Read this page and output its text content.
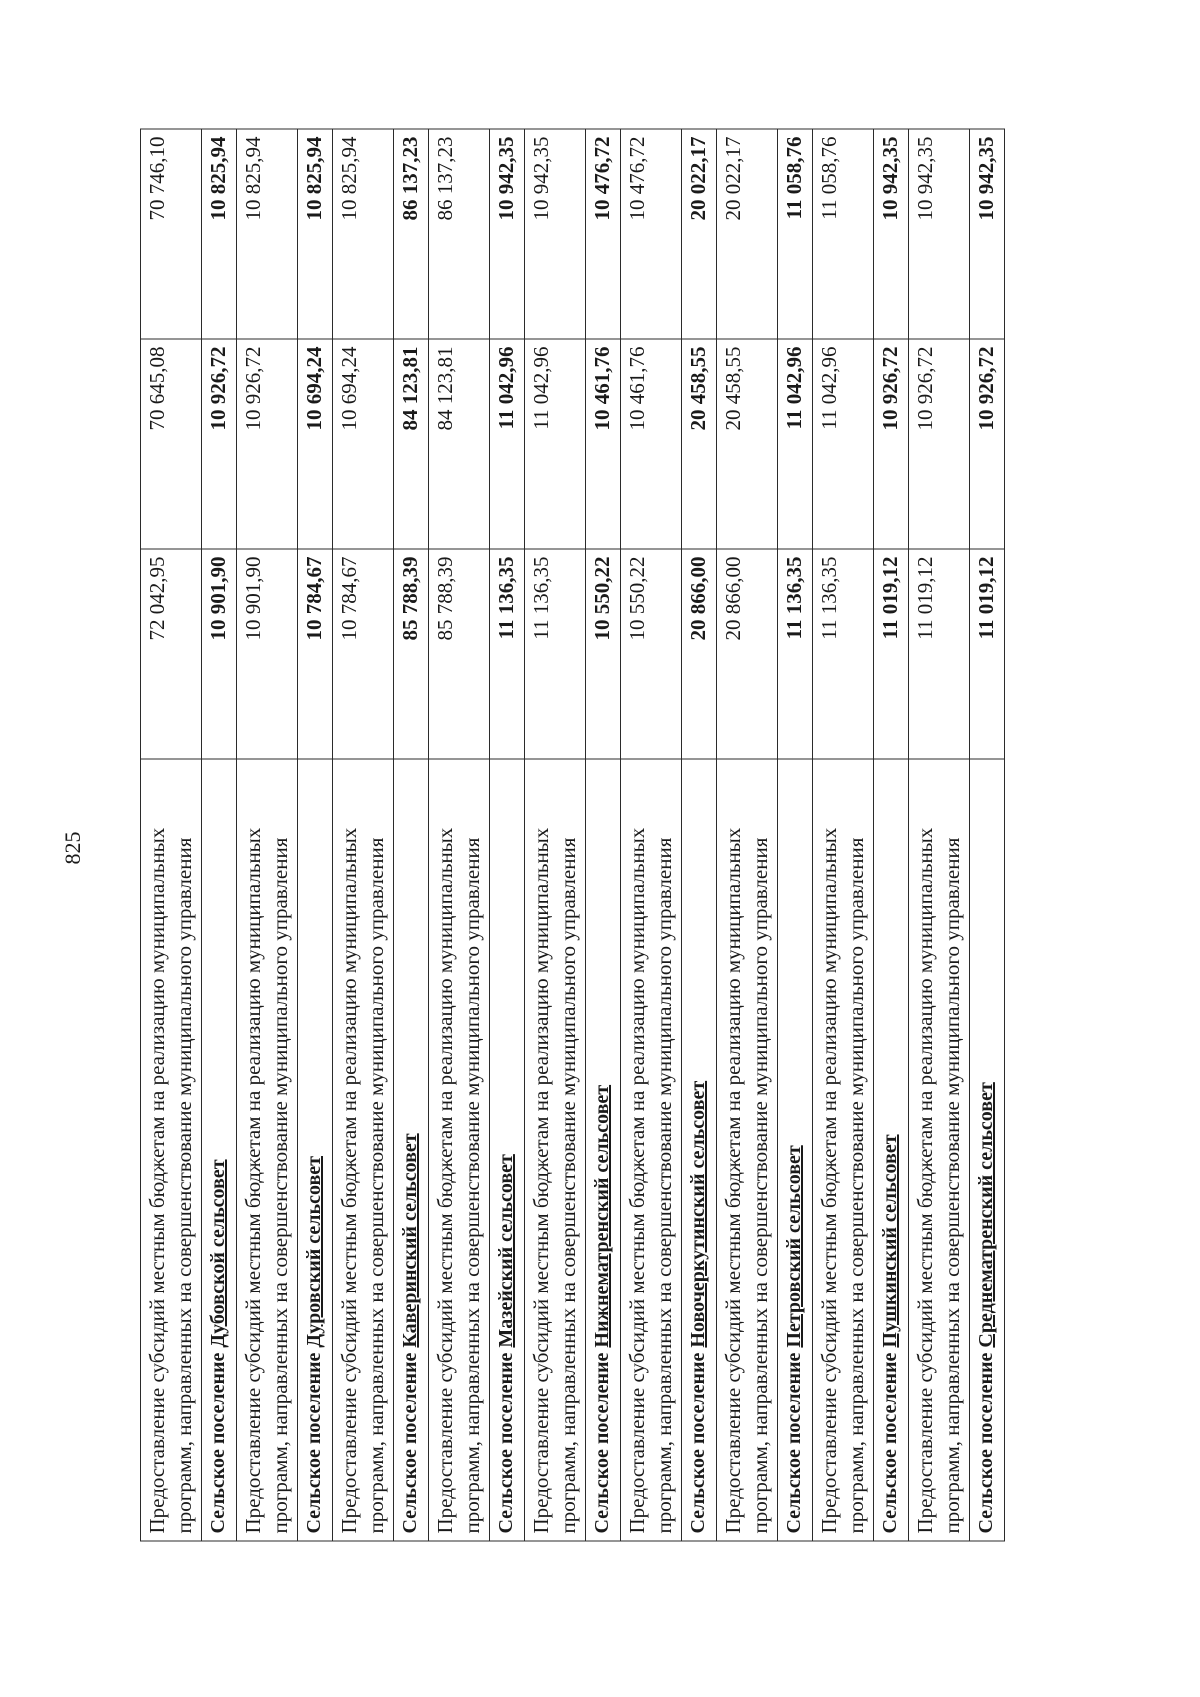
825	Предоставление субсидий местным бюджетам на реализацию муниципальных программ, направленных на совершенствование муниципального управления	72 042,95	70 645,08	70 746,10
Сельское поселение Дубовской сельсовет	10 901,90	10 926,72	10 825,94
Предоставление субсидий местным бюджетам на реализацию муниципальных программ, направленных на совершенствование муниципального управления	10 901,90	10 926,72	10 825,94
Сельское поселение Дуровский сельсовет	10 784,67	10 694,24	10 825,94
Предоставление субсидий местным бюджетам на реализацию муниципальных программ, направленных на совершенствование муниципального управления	10 784,67	10 694,24	10 825,94
Сельское поселение Каверинский сельсовет	85 788,39	84 123,81	86 137,23
Предоставление субсидий местным бюджетам на реализацию муниципальных программ, направленных на совершенствование муниципального управления	85 788,39	84 123,81	86 137,23
Сельское поселение Мазейский сельсовет	11 136,35	11 042,96	10 942,35
Предоставление субсидий местным бюджетам на реализацию муниципальных программ, направленных на совершенствование муниципального управления	11 136,35	11 042,96	10 942,35
Сельское поселение Нижнематренский сельсовет	10 550,22	10 461,76	10 476,72
Предоставление субсидий местным бюджетам на реализацию муниципальных программ, направленных на совершенствование муниципального управления	10 550,22	10 461,76	10 476,72
Сельское поселение Новочеркутинский сельсовет	20 866,00	20 458,55	20 022,17
Предоставление субсидий местным бюджетам на реализацию муниципальных программ, направленных на совершенствование муниципального управления	20 866,00	20 458,55	20 022,17
Сельское поселение Петровский сельсовет	11 136,35	11 042,96	11 058,76
Предоставление субсидий местным бюджетам на реализацию муниципальных программ, направленных на совершенствование муниципального управления	11 136,35	11 042,96	11 058,76
Сельское поселение Пушкинский сельсовет	11 019,12	10 926,72	10 942,35
Предоставление субсидий местным бюджетам на реализацию муниципальных программ, направленных на совершенствование муниципального управления	11 019,12	10 926,72	10 942,35
Сельское поселение Среднематренский сельсовет	11 019,12	10 926,72	10 942,35
